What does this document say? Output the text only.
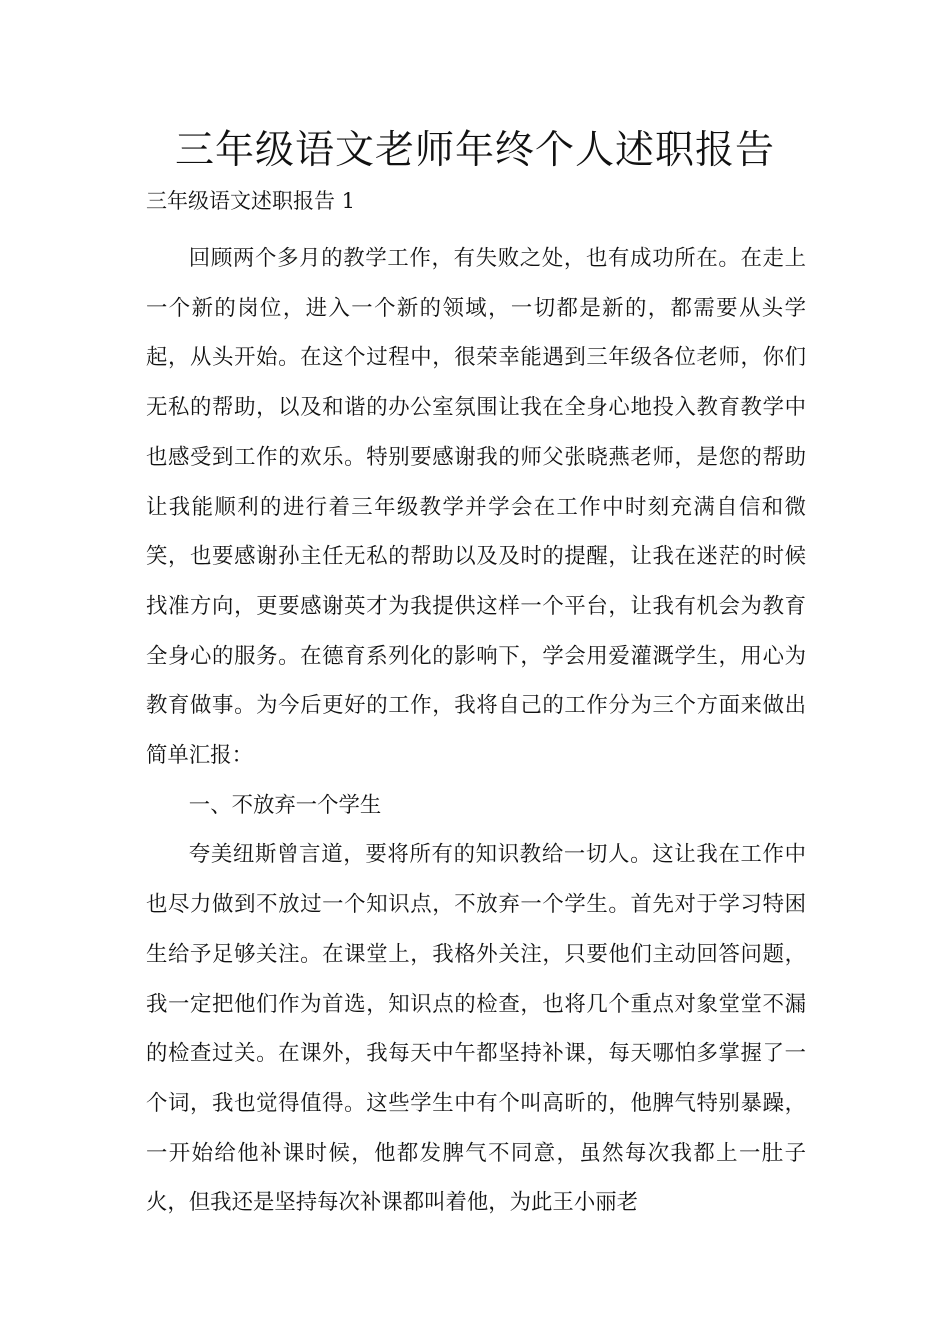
三年级语文老师年终个人述职报告
三年级语文述职报告 1

回顾两个多月的教学工作，有失败之处，也有成功所在。在走上一个新的岗位，进入一个新的领域，一切都是新的，都需要从头学起，从头开始。在这个过程中，很荣幸能遇到三年级各位老师，你们无私的帮助，以及和谐的办公室氛围让我在全身心地投入教育教学中也感受到工作的欢乐。特别要感谢我的师父张晓燕老师，是您的帮助让我能顺利的进行着三年级教学并学会在工作中时刻充满自信和微笑，也要感谢孙主任无私的帮助以及及时的提醒，让我在迷茫的时候找准方向，更要感谢英才为我提供这样一个平台，让我有机会为教育全身心的服务。在德育系列化的影响下，学会用爱灌溉学生，用心为教育做事。为今后更好的工作，我将自己的工作分为三个方面来做出简单汇报：

一、不放弃一个学生

夸美纽斯曾言道，要将所有的知识教给一切人。这让我在工作中也尽力做到不放过一个知识点，不放弃一个学生。首先对于学习特困生给予足够关注。在课堂上，我格外关注，只要他们主动回答问题，我一定把他们作为首选，知识点的检查，也将几个重点对象堂堂不漏的检查过关。在课外，我每天中午都坚持补课，每天哪怕多掌握了一个词，我也觉得值得。这些学生中有个叫高昕的，他脾气特别暴躁，一开始给他补课时候，他都发脾气不同意，虽然每次我都上一肚子火，但我还是坚持每次补课都叫着他，为此王小丽老
